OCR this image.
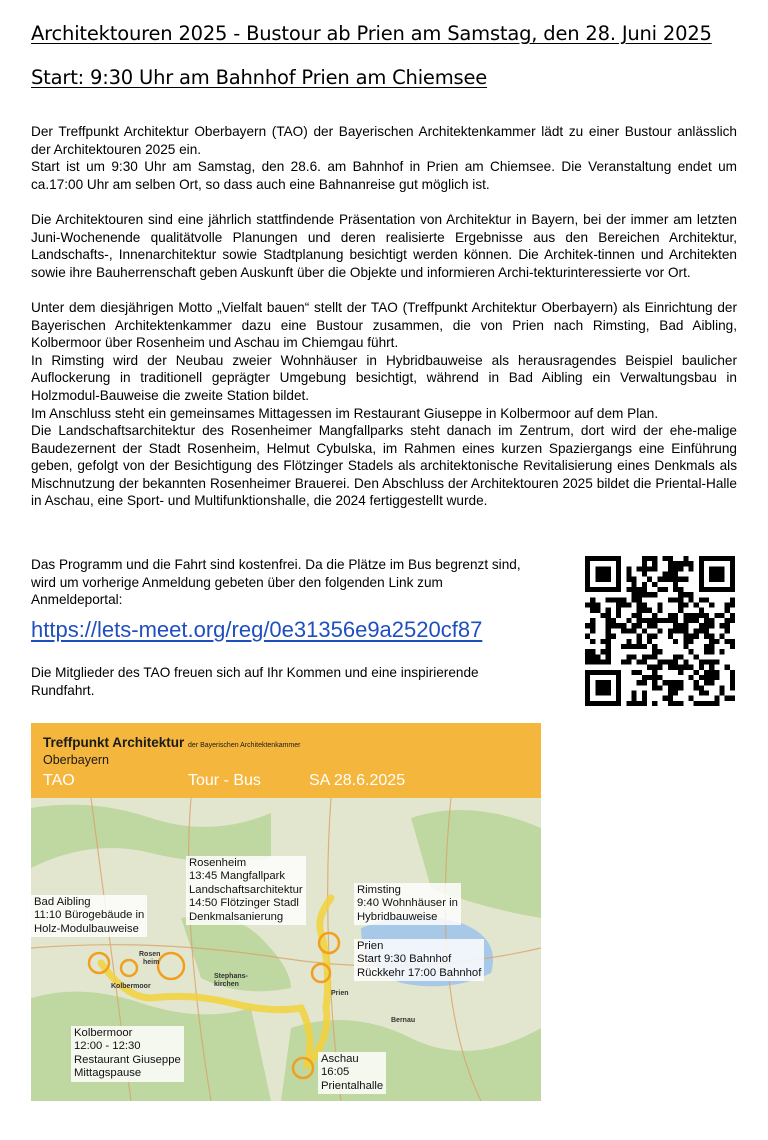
Architektouren 2025 - Bustour ab Prien am Samstag, den 28. Juni 2025
Start: 9:30 Uhr am Bahnhof Prien am Chiemsee

Der Treffpunkt Architektur Oberbayern (TAO) der Bayerischen Architektenkammer lädt zu einer Bustour anlässlich der Architektouren 2025 ein.

Start ist um 9:30 Uhr am Samstag, den 28.6. am Bahnhof in Prien am Chiemsee. Die Veranstaltung endet um ca.17:00 Uhr am selben Ort, so dass auch eine Bahnanreise gut möglich ist.

Die Architektouren sind eine jährlich stattfindende Präsentation von Architektur in Bayern, bei der immer am letzten Juni-Wochenende qualitätvolle Planungen und deren realisierte Ergebnisse aus den Bereichen Architektur, Landschafts-, Innenarchitektur sowie Stadtplanung besichtigt werden können. Die Architek-tinnen und Architekten sowie ihre Bauherrenschaft geben Auskunft über die Objekte und informieren Archi-tekturinteressierte vor Ort.

Unter dem diesjährigen Motto „Vielfalt bauen“ stellt der TAO (Treffpunkt Architektur Oberbayern) als Einrichtung der Bayerischen Architektenkammer dazu eine Bustour zusammen, die von Prien nach Rimsting, Bad Aibling, Kolbermoor über Rosenheim und Aschau im Chiemgau führt.

In Rimsting wird der Neubau zweier Wohnhäuser in Hybridbauweise als herausragendes Beispiel baulicher Auflockerung in traditionell geprägter Umgebung besichtigt, während in Bad Aibling ein Verwaltungsbau in Holzmodul-Bauweise die zweite Station bildet.

Im Anschluss steht ein gemeinsames Mittagessen im Restaurant Giuseppe in Kolbermoor auf dem Plan.

Die Landschaftsarchitektur des Rosenheimer Mangfallparks steht danach im Zentrum, dort wird der ehe-malige Baudezernent der Stadt Rosenheim, Helmut Cybulska, im Rahmen eines kurzen Spaziergangs eine Einführung geben, gefolgt von der Besichtigung des Flötzinger Stadels als architektonische Revitalisierung eines Denkmals als Mischnutzung der bekannten Rosenheimer Brauerei. Den Abschluss der Architektouren 2025 bildet die Priental-Halle in Aschau, eine Sport- und Multifunktionshalle, die 2024 fertiggestellt wurde.

Das Programm und die Fahrt sind kostenfrei. Da die Plätze im Bus begrenzt sind, wird um vorherige Anmeldung gebeten über den folgenden Link zum Anmeldeportal:
https://lets-meet.org/reg/0e31356e9a2520cf87
Die Mitglieder des TAO freuen sich auf Ihr Kommen und eine inspirierende Rundfahrt.
Treffpunkt Architektur der Bayerischen Architektenkammer
Oberbayern
TAO	Tour - Bus	SA 28.6.2025
Rosen
heim
Kolbermoor
Stephans-
kirchen
Prien
Bernau
Bad Aibling
11:10 Bürogebäude in
Holz-Modulbauweise
Rosenheim
13:45 Mangfallpark
Landschaftsarchitektur
14:50 Flötzinger Stadl
Denkmalsanierung
Rimsting
9:40 Wohnhäuser in
Hybridbauweise
Prien
Start 9:30 Bahnhof
Rückkehr 17:00 Bahnhof
Kolbermoor
12:00 - 12:30
Restaurant Giuseppe
Mittagspause
Aschau
16:05
Prientalhalle
